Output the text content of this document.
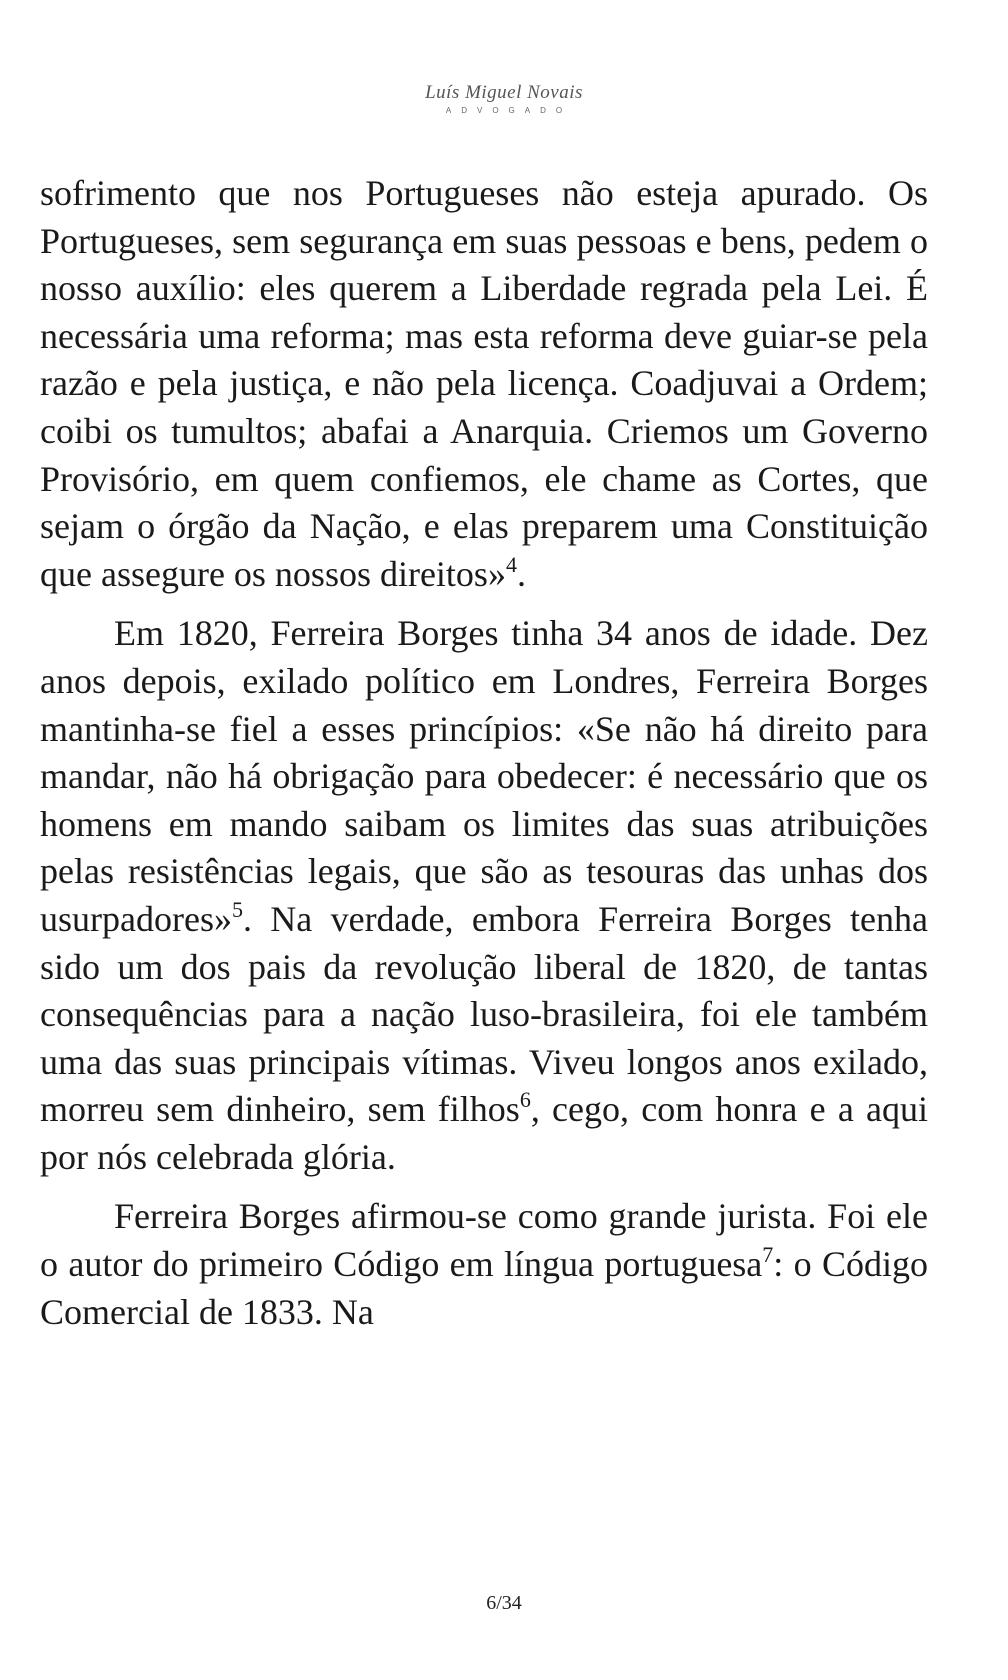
Luís Miguel Novais
ADVOGADO

sofrimento que nos Portugueses não esteja apurado. Os Portugueses, sem segurança em suas pessoas e bens, pedem o nosso auxílio: eles querem a Liberdade regrada pela Lei. É necessária uma reforma; mas esta reforma deve guiar-se pela razão e pela justiça, e não pela licença. Coadjuvai a Ordem; coibi os tumultos; abafai a Anarquia. Criemos um Governo Provisório, em quem confiemos, ele chame as Cortes, que sejam o órgão da Nação, e elas preparem uma Constituição que assegure os nossos direitos»$^4$.

Em 1820, Ferreira Borges tinha 34 anos de idade. Dez anos depois, exilado político em Londres, Ferreira Borges mantinha-se fiel a esses princípios: «Se não há direito para mandar, não há obrigação para obedecer: é necessário que os homens em mando saibam os limites das suas atribuições pelas resistências legais, que são as tesouras das unhas dos usurpadores»$^5$. Na verdade, embora Ferreira Borges tenha sido um dos pais da revolução liberal de 1820, de tantas consequências para a nação luso-brasileira, foi ele também uma das suas principais vítimas. Viveu longos anos exilado, morreu sem dinheiro, sem filhos$^6$, cego, com honra e a aqui por nós celebrada glória.

Ferreira Borges afirmou-se como grande jurista. Foi ele o autor do primeiro Código em língua portuguesa$^7$: o Código Comercial de 1833. Na

6/34
